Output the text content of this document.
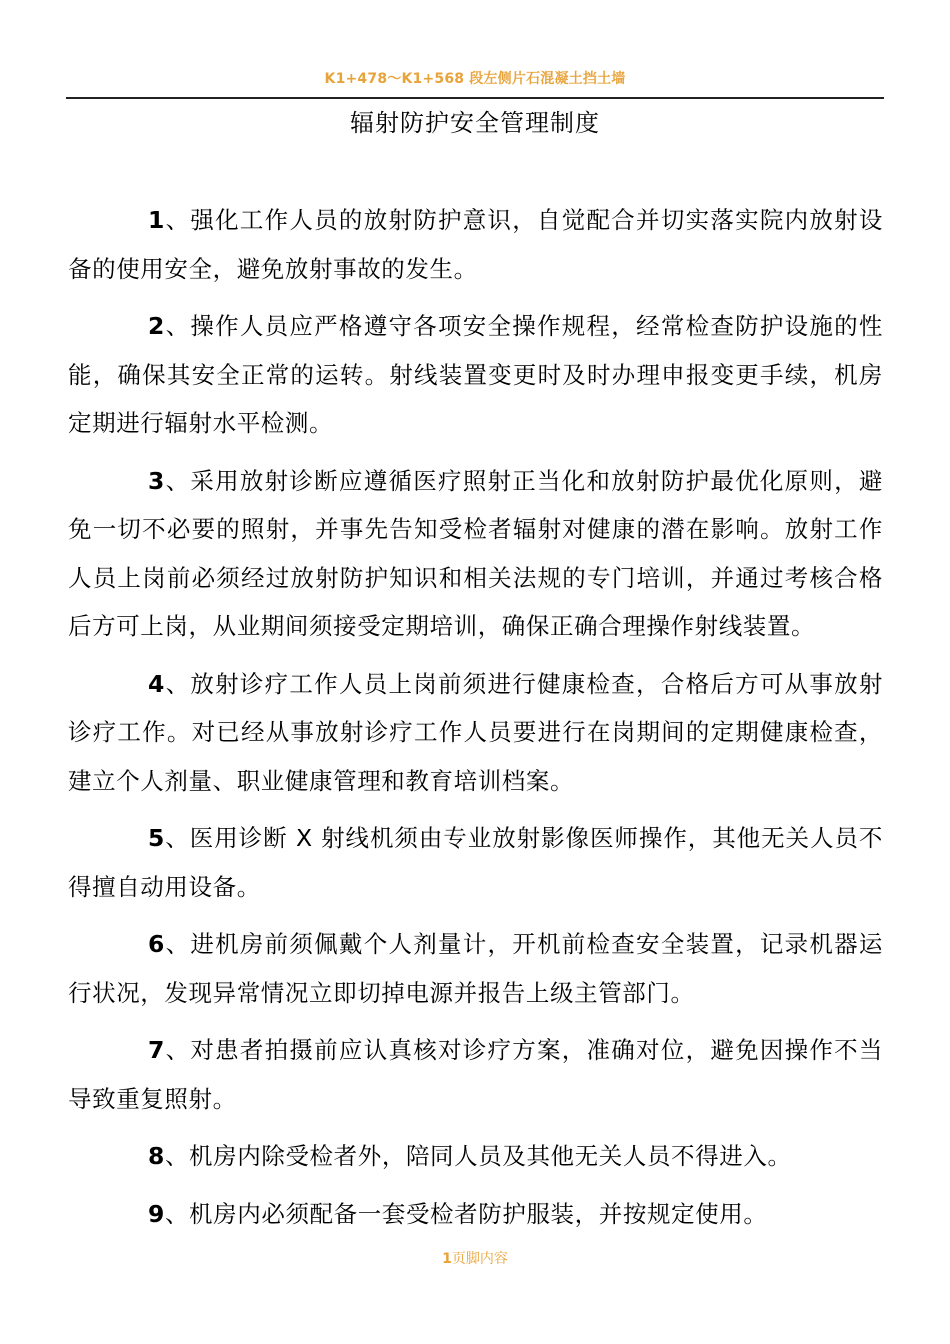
K1+478～K1+568 段左侧片石混凝土挡土墙
辐射防护安全管理制度

1、强化工作人员的放射防护意识，自觉配合并切实落实院内放射设备的使用安全，避免放射事故的发生。

2、操作人员应严格遵守各项安全操作规程，经常检查防护设施的性能，确保其安全正常的运转。射线装置变更时及时办理申报变更手续，机房定期进行辐射水平检测。

3、采用放射诊断应遵循医疗照射正当化和放射防护最优化原则，避免一切不必要的照射，并事先告知受检者辐射对健康的潜在影响。放射工作人员上岗前必须经过放射防护知识和相关法规的专门培训，并通过考核合格后方可上岗，从业期间须接受定期培训，确保正确合理操作射线装置。

4、放射诊疗工作人员上岗前须进行健康检查，合格后方可从事放射诊疗工作。对已经从事放射诊疗工作人员要进行在岗期间的定期健康检查，建立个人剂量、职业健康管理和教育培训档案。

5、医用诊断 X 射线机须由专业放射影像医师操作，其他无关人员不得擅自动用设备。

6、进机房前须佩戴个人剂量计，开机前检查安全装置，记录机器运行状况，发现异常情况立即切掉电源并报告上级主管部门。

7、对患者拍摄前应认真核对诊疗方案，准确对位，避免因操作不当导致重复照射。

8、机房内除受检者外，陪同人员及其他无关人员不得进入。

9、机房内必须配备一套受检者防护服装，并按规定使用。

1页脚内容
